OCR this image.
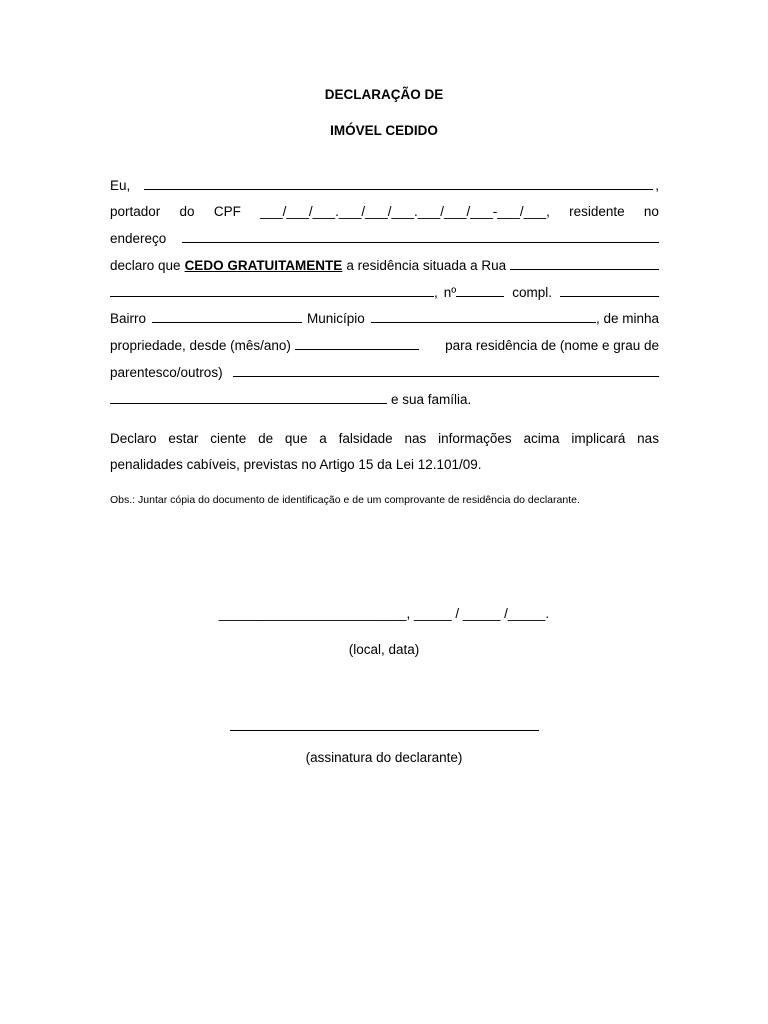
DECLARAÇÃO DE
IMÓVEL CEDIDO
Eu,	,
portador do CPF ___/___/___.___/___/___.___/___/___-___/___, residente no
endereço
declaro que CEDO GRATUITAMENTE a residência situada a Rua
, nº	compl.
Bairro	Município	, de minha
propriedade, desde (mês/ano)	para residência de (nome e grau de
parentesco/outros)
e sua família.
Declaro estar ciente de que a falsidade nas informações acima implicará nas
penalidades cabíveis, previstas no Artigo 15 da Lei 12.101/09.
Obs.: Juntar cópia do documento de identificação e de um comprovante de residência do declarante.
_________________________, _____ / _____ /_____.
(local, data)
(assinatura do declarante)
